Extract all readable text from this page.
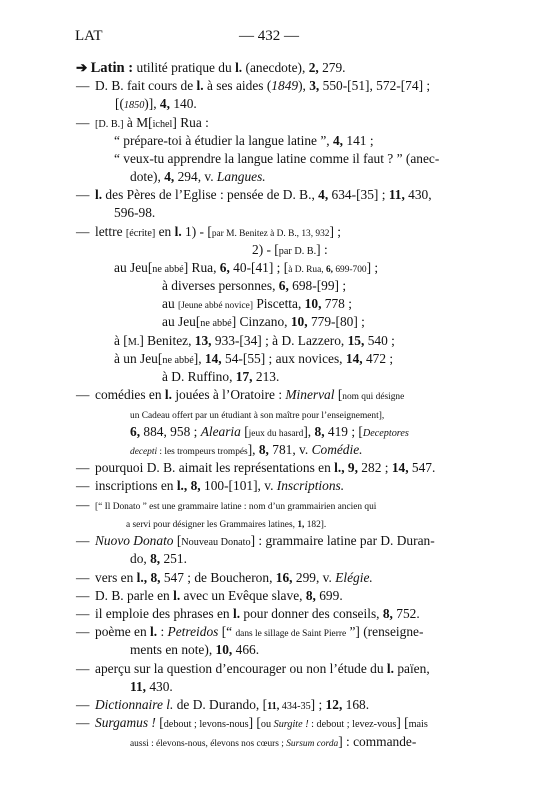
LAT	— 432 —
➔ Latin : utilité pratique du l. (anecdote), 2, 279.
— D. B. fait cours de l. à ses aides (1849), 3, 550-[51], 572-[74] ;
[(1850)], 4, 140.
— [D. B.] à M[ichel] Rua :
“ prépare-toi à étudier la langue latine ”, 4, 141 ;
“ veux-tu apprendre la langue latine comme il faut ? ” (anec-
dote), 4, 294, v. Langues.
— l. des Pères de l’Eglise : pensée de D. B., 4, 634-[35] ; 11, 430,
596-98.
— lettre [écrite] en l. 1) - [par M. Benitez à D. B., 13, 932] ;
2) - [par D. B.] :
au Jeu[ne abbé] Rua, 6, 40-[41] ; [à D. Rua, 6, 699-700] ;
à diverses personnes, 6, 698-[99] ;
au [Jeune abbé novice] Piscetta, 10, 778 ;
au Jeu[ne abbé] Cinzano, 10, 779-[80] ;
à [M.] Benitez, 13, 933-[34] ; à D. Lazzero, 15, 540 ;
à un Jeu[ne abbé], 14, 54-[55] ; aux novices, 14, 472 ;
à D. Ruffino, 17, 213.
— comédies en l. jouées à l’Oratoire : Minerval [nom qui désigne
un Cadeau offert par un étudiant à son maître pour l’enseignement],
6, 884, 958 ; Alearia [jeux du hasard], 8, 419 ; [Deceptores
decepti : les trompeurs trompés], 8, 781, v. Comédie.
— pourquoi D. B. aimait les représentations en l., 9, 282 ; 14, 547.
— inscriptions en l., 8, 100-[101], v. Inscriptions.
— [“ Il Donato ” est une grammaire latine : nom d’un grammairien ancien qui
a servi pour désigner les Grammaires latines, 1, 182].
— Nuovo Donato [Nouveau Donato] : grammaire latine par D. Duran-
do, 8, 251.
— vers en l., 8, 547 ; de Boucheron, 16, 299, v. Elégie.
— D. B. parle en l. avec un Evêque slave, 8, 699.
— il emploie des phrases en l. pour donner des conseils, 8, 752.
— poème en l. : Petreidos [“ dans le sillage de Saint Pierre ”] (renseigne-
ments en note), 10, 466.
— aperçu sur la question d’encourager ou non l’étude du l. païen,
11, 430.
— Dictionnaire l. de D. Durando, [11, 434-35] ; 12, 168.
— Surgamus ! [debout ; levons-nous] [ou Surgite ! : debout ; levez-vous] [mais
aussi : élevons-nous, élevons nos cœurs ; Sursum corda] : commande-
